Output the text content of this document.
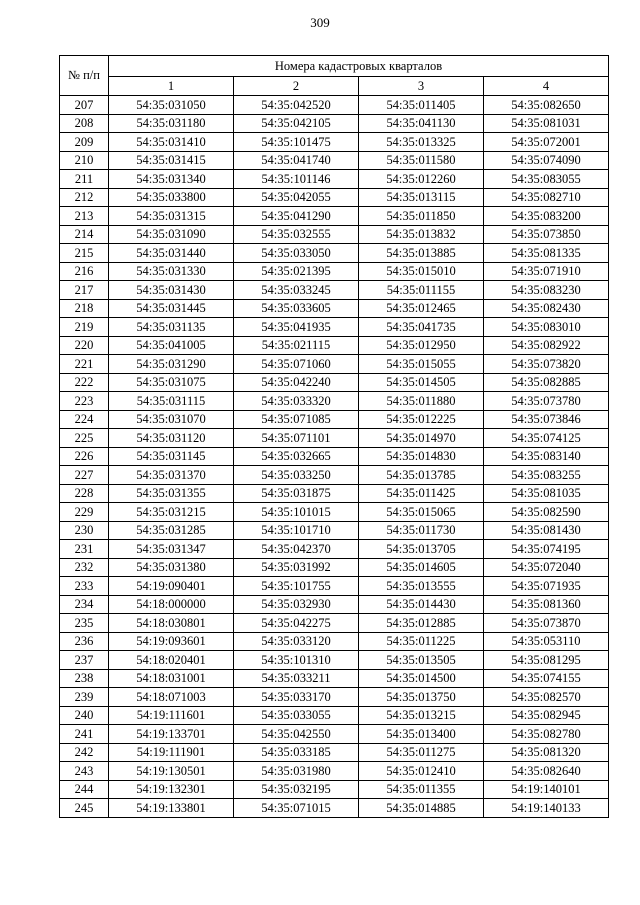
309
№ п/п	Номера кадастровых кварталов			
	1	2	3	4
207	54:35:031050	54:35:042520	54:35:011405	54:35:082650
208	54:35:031180	54:35:042105	54:35:041130	54:35:081031
209	54:35:031410	54:35:101475	54:35:013325	54:35:072001
210	54:35:031415	54:35:041740	54:35:011580	54:35:074090
211	54:35:031340	54:35:101146	54:35:012260	54:35:083055
212	54:35:033800	54:35:042055	54:35:013115	54:35:082710
213	54:35:031315	54:35:041290	54:35:011850	54:35:083200
214	54:35:031090	54:35:032555	54:35:013832	54:35:073850
215	54:35:031440	54:35:033050	54:35:013885	54:35:081335
216	54:35:031330	54:35:021395	54:35:015010	54:35:071910
217	54:35:031430	54:35:033245	54:35:011155	54:35:083230
218	54:35:031445	54:35:033605	54:35:012465	54:35:082430
219	54:35:031135	54:35:041935	54:35:041735	54:35:083010
220	54:35:041005	54:35:021115	54:35:012950	54:35:082922
221	54:35:031290	54:35:071060	54:35:015055	54:35:073820
222	54:35:031075	54:35:042240	54:35:014505	54:35:082885
223	54:35:031115	54:35:033320	54:35:011880	54:35:073780
224	54:35:031070	54:35:071085	54:35:012225	54:35:073846
225	54:35:031120	54:35:071101	54:35:014970	54:35:074125
226	54:35:031145	54:35:032665	54:35:014830	54:35:083140
227	54:35:031370	54:35:033250	54:35:013785	54:35:083255
228	54:35:031355	54:35:031875	54:35:011425	54:35:081035
229	54:35:031215	54:35:101015	54:35:015065	54:35:082590
230	54:35:031285	54:35:101710	54:35:011730	54:35:081430
231	54:35:031347	54:35:042370	54:35:013705	54:35:074195
232	54:35:031380	54:35:031992	54:35:014605	54:35:072040
233	54:19:090401	54:35:101755	54:35:013555	54:35:071935
234	54:18:000000	54:35:032930	54:35:014430	54:35:081360
235	54:18:030801	54:35:042275	54:35:012885	54:35:073870
236	54:19:093601	54:35:033120	54:35:011225	54:35:053110
237	54:18:020401	54:35:101310	54:35:013505	54:35:081295
238	54:18:031001	54:35:033211	54:35:014500	54:35:074155
239	54:18:071003	54:35:033170	54:35:013750	54:35:082570
240	54:19:111601	54:35:033055	54:35:013215	54:35:082945
241	54:19:133701	54:35:042550	54:35:013400	54:35:082780
242	54:19:111901	54:35:033185	54:35:011275	54:35:081320
243	54:19:130501	54:35:031980	54:35:012410	54:35:082640
244	54:19:132301	54:35:032195	54:35:011355	54:19:140101
245	54:19:133801	54:35:071015	54:35:014885	54:19:140133
